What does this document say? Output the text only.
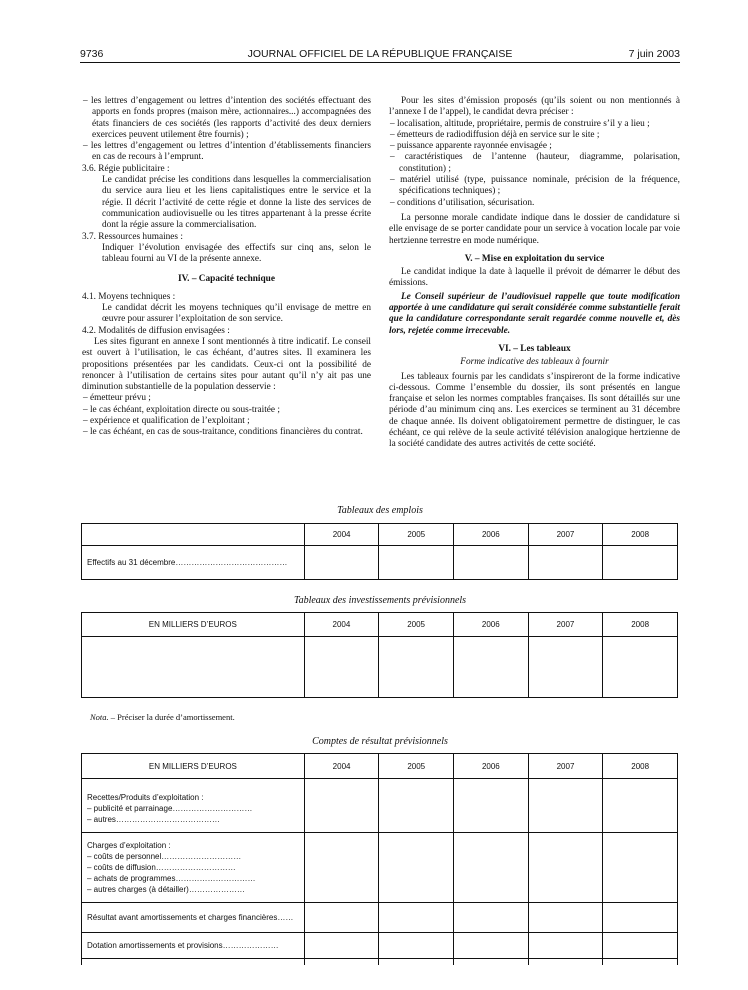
9736	JOURNAL OFFICIEL DE LA RÉPUBLIQUE FRANÇAISE	7 juin 2003

– les lettres d’engagement ou lettres d’intention des sociétés effectuant des apports en fonds propres (maison mère, actionnaires...) accompagnées des états financiers de ces sociétés (les rapports d’activité des deux derniers exercices peuvent utilement être fournis) ;

– les lettres d’engagement ou lettres d’intention d’établissements financiers en cas de recours à l’emprunt.

3.6. Régie publicitaire :

Le candidat précise les conditions dans lesquelles la commercialisation du service aura lieu et les liens capitalistiques entre le service et la régie. Il décrit l’activité de cette régie et donne la liste des services de communication audiovisuelle ou les titres appartenant à la presse écrite dont la régie assure la commercialisation.

3.7. Ressources humaines :

Indiquer l’évolution envisagée des effectifs sur cinq ans, selon le tableau fourni au VI de la présente annexe.

IV. – Capacité technique

4.1. Moyens techniques :

Le candidat décrit les moyens techniques qu’il envisage de mettre en œuvre pour assurer l’exploitation de son service.

4.2. Modalités de diffusion envisagées :

Les sites figurant en annexe I sont mentionnés à titre indicatif. Le conseil est ouvert à l’utilisation, le cas échéant, d’autres sites. Il examinera les propositions présentées par les candidats. Ceux-ci ont la possibilité de renoncer à l’utilisation de certains sites pour autant qu’il n’y ait pas une diminution substantielle de la population desservie :

– émetteur prévu ;

– le cas échéant, exploitation directe ou sous-traitée ;

– expérience et qualification de l’exploitant ;

– le cas échéant, en cas de sous-traitance, conditions financières du contrat.

Pour les sites d’émission proposés (qu’ils soient ou non mentionnés à l’annexe I de l’appel), le candidat devra préciser :

– localisation, altitude, propriétaire, permis de construire s’il y a lieu ;

– émetteurs de radiodiffusion déjà en service sur le site ;

– puissance apparente rayonnée envisagée ;

– caractéristiques de l’antenne (hauteur, diagramme, polarisation, constitution) ;

– matériel utilisé (type, puissance nominale, précision de la fréquence, spécifications techniques) ;

– conditions d’utilisation, sécurisation.

La personne morale candidate indique dans le dossier de candidature si elle envisage de se porter candidate pour un service à vocation locale par voie hertzienne terrestre en mode numérique.

V. – Mise en exploitation du service

Le candidat indique la date à laquelle il prévoit de démarrer le début des émissions.

Le Conseil supérieur de l’audiovisuel rappelle que toute modification apportée à une candidature qui serait considérée comme substantielle ferait que la candidature correspondante serait regardée comme nouvelle et, dès lors, rejetée comme irrecevable.

VI. – Les tableaux

Forme indicative des tableaux à fournir

Les tableaux fournis par les candidats s’inspireront de la forme indicative ci-dessous. Comme l’ensemble du dossier, ils sont présentés en langue française et selon les normes comptables françaises. Ils sont détaillés sur une période d’au minimum cinq ans. Les exercices se terminent au 31 décembre de chaque année. Ils doivent obligatoirement permettre de distinguer, le cas échéant, ce qui relève de la seule activité télévision analogique hertzienne de la société candidate des autres activités de cette société.

Tableaux des emplois
	2004	2005	2006	2007	2008
Effectifs au 31 décembre……………………………………					
Tableaux des investissements prévisionnels
EN MILLIERS D’EUROS	2004	2005	2006	2007	2008

Nota. – Préciser la durée d’amortissement.
Comptes de résultat prévisionnels
EN MILLIERS D’EUROS	2004	2005	2006	2007	2008

Recettes/Produits d’exploitation :
– publicité et parrainage…………………………
– autres…………………………………					

Charges d’exploitation :
– coûts de personnel…………………………
– coûts de diffusion…………………………
– achats de programmes…………………………
– autres charges (à détailler)…………………					

Résultat avant amortissements et charges financières……					
Dotation amortissements et provisions…………………					
